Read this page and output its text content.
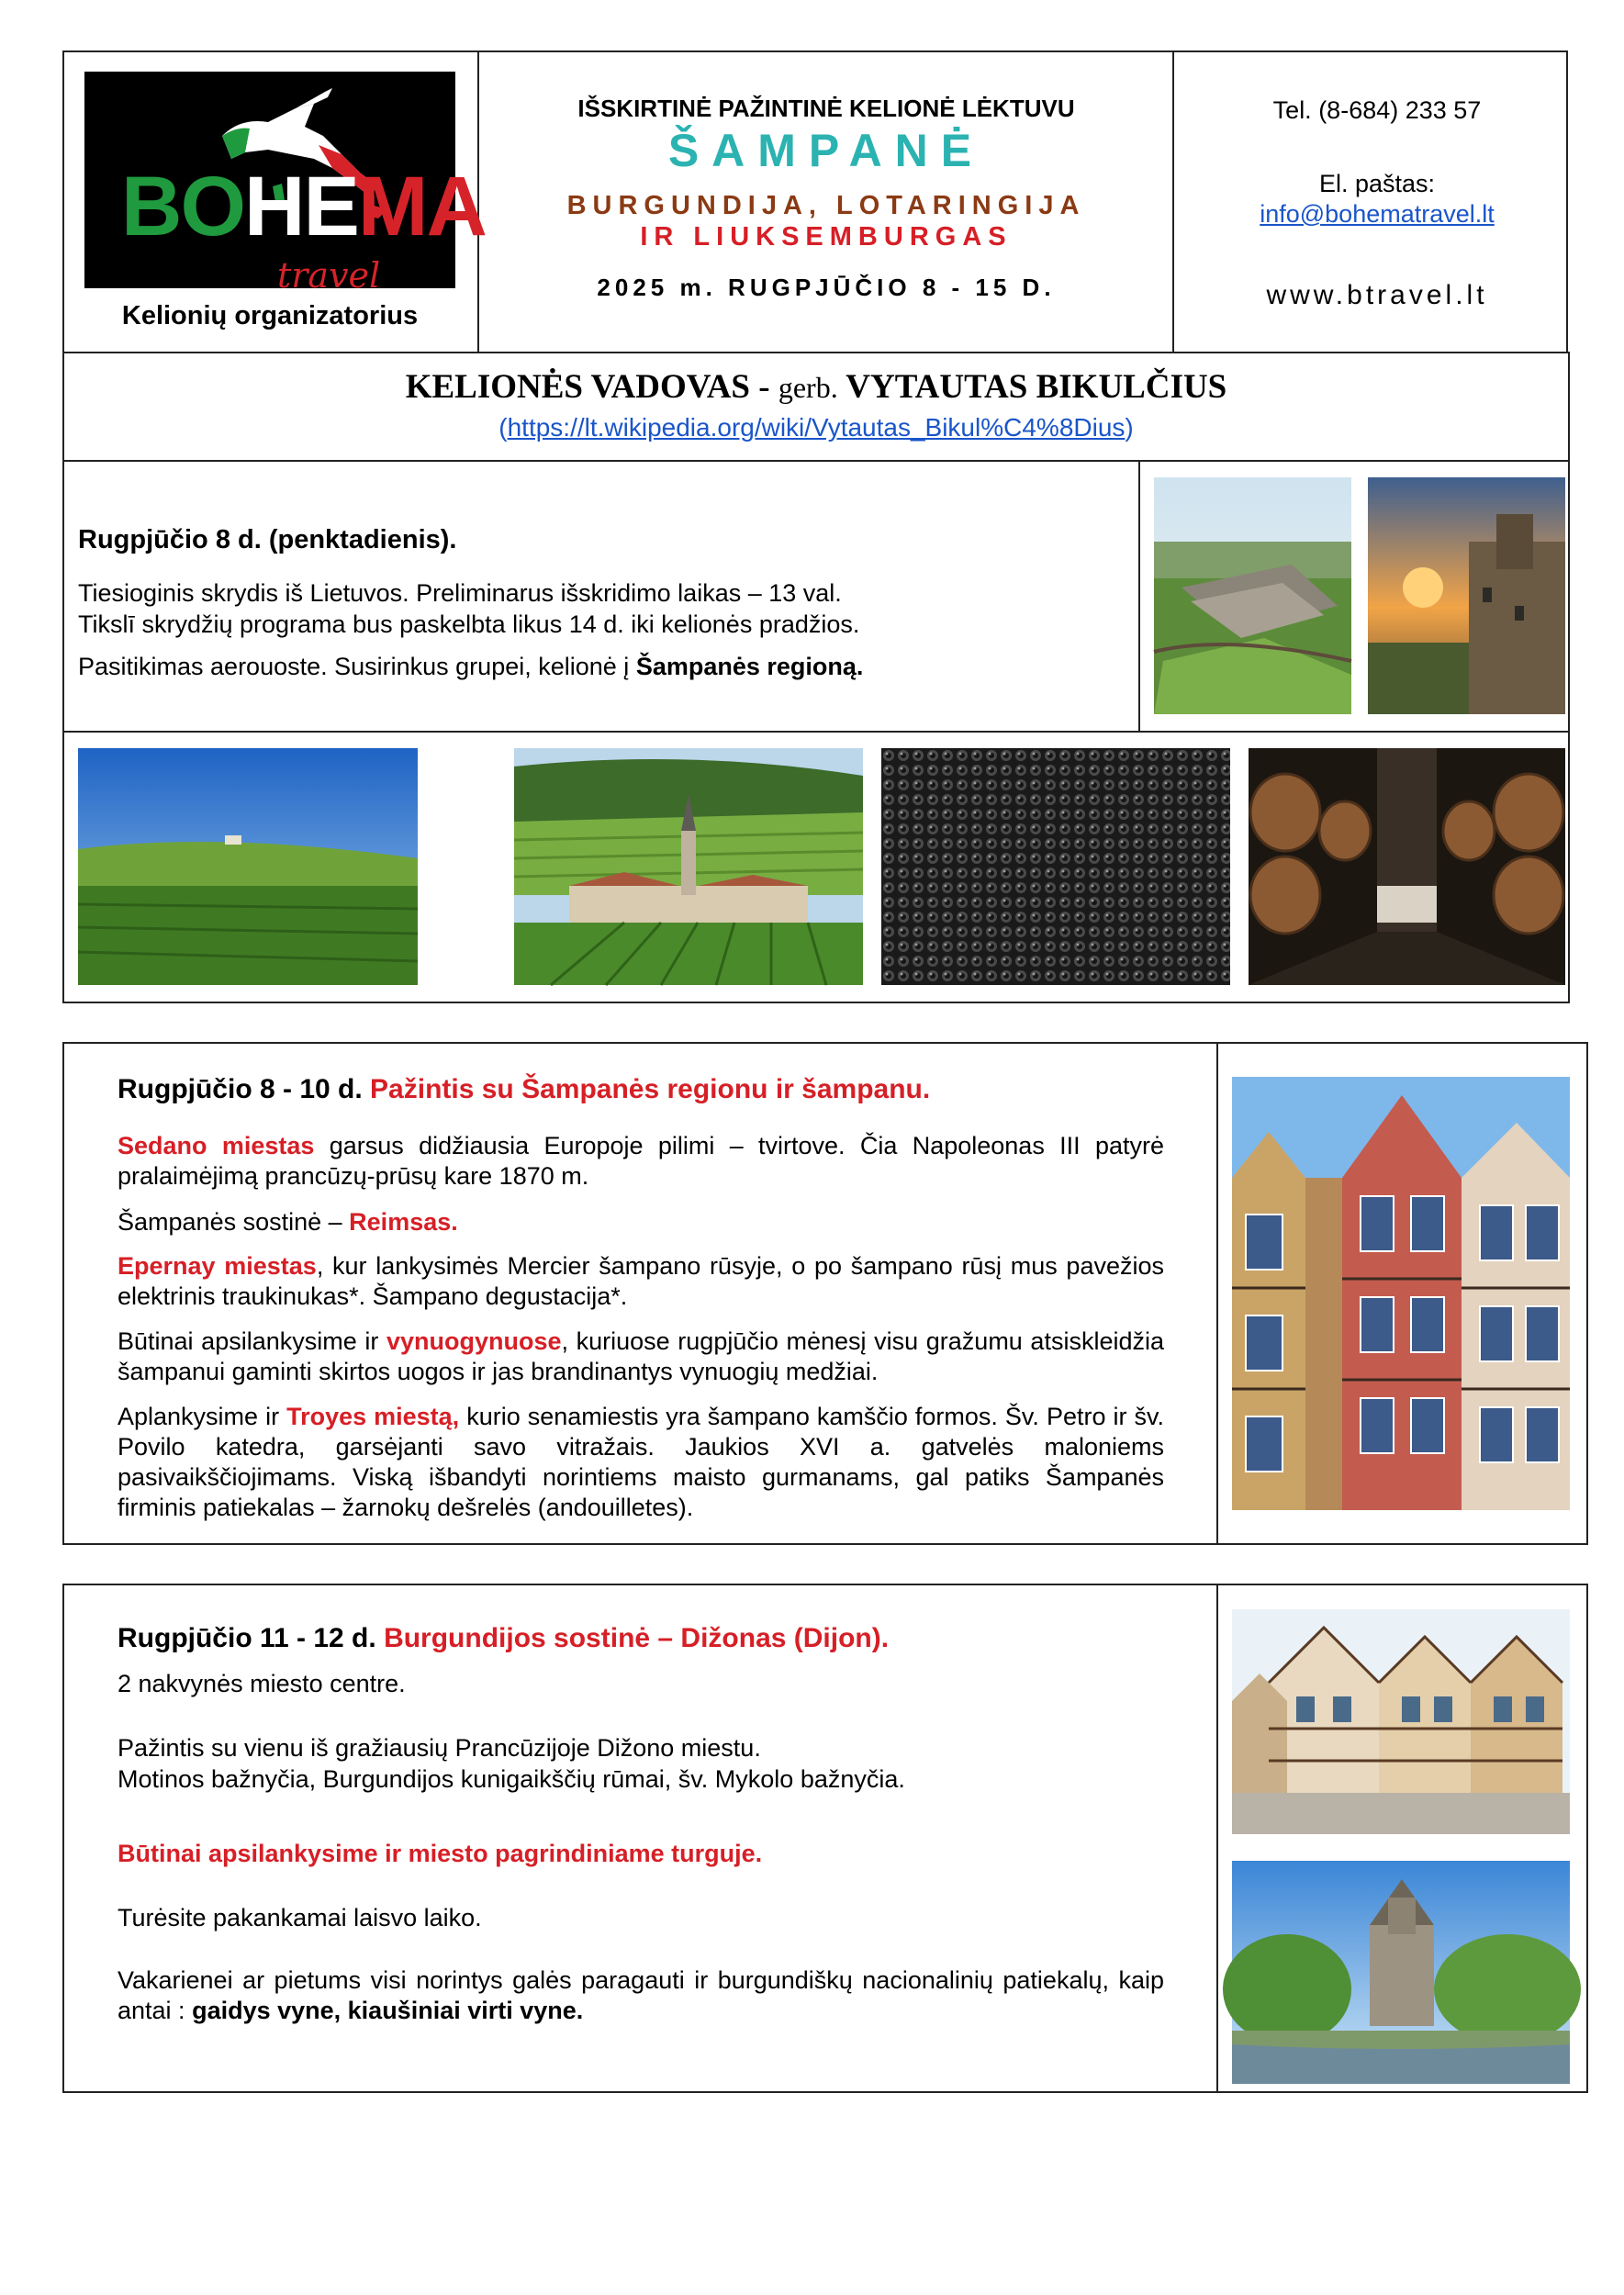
BOHEMA
travel
Kelionių organizatorius
IŠSKIRTINĖ PAŽINTINĖ KELIONĖ LĖKTUVU
ŠAMPANĖ
BURGUNDIJA, LOTARINGIJA
IR LIUKSEMBURGAS
2025 m. RUGPJŪČIO 8 - 15 D.
Tel. (8-684) 233 57
El. paštas:
info@bohematravel.lt
www.btravel.lt
KELIONĖS VADOVAS - gerb. VYTAUTAS BIKULČIUS
(https://lt.wikipedia.org/wiki/Vytautas_Bikul%C4%8Dius)
Rugpjūčio 8 d. (penktadienis).
Tiesioginis skrydis iš Lietuvos. Preliminarus išskridimo laikas – 13 val.
Tikslī skrydžių programa bus paskelbta likus 14 d. iki kelionės pradžios.
Pasitikimas aerouoste. Susirinkus grupei, kelionė į Šampanės regioną.
Rugpjūčio 8 - 10 d. Pažintis su Šampanės regionu ir šampanu.
Sedano miestas garsus didžiausia Europoje pilimi – tvirtove. Čia Napoleonas III patyrė pralaimėjimą prancūzų-prūsų kare 1870 m.
Šampanės sostinė – Reimsas.
Epernay miestas, kur lankysimės Mercier šampano rūsyje, o po šampano rūsį mus pavežios elektrinis traukinukas*. Šampano degustacija*.
Būtinai apsilankysime ir vynuogynuose, kuriuose rugpjūčio mėnesį visu gražumu atsiskleidžia šampanui gaminti skirtos uogos ir jas brandinantys vynuogių medžiai.
Aplankysime ir Troyes miestą, kurio senamiestis yra šampano kamščio formos. Šv. Petro ir šv. Povilo katedra, garsėjanti savo vitražais. Jaukios XVI a. gatvelės maloniems pasivaikščiojimams. Viską išbandyti norintiems maisto gurmanams, gal patiks Šampanės firminis patiekalas – žarnokų dešrelės (andouilletes).
Rugpjūčio 11 - 12 d. Burgundijos sostinė – Dižonas (Dijon).
2 nakvynės miesto centre.
Pažintis su vienu iš gražiausių Prancūzijoje Dižono miestu.
Motinos bažnyčia, Burgundijos kunigaikščių rūmai, šv. Mykolo bažnyčia.
Būtinai apsilankysime ir miesto pagrindiniame turguje.
Turėsite pakankamai laisvo laiko.
Vakarienei ar pietums visi norintys galės paragauti ir burgundiškų nacionalinių patiekalų, kaip antai : gaidys vyne, kiaušiniai virti vyne.
